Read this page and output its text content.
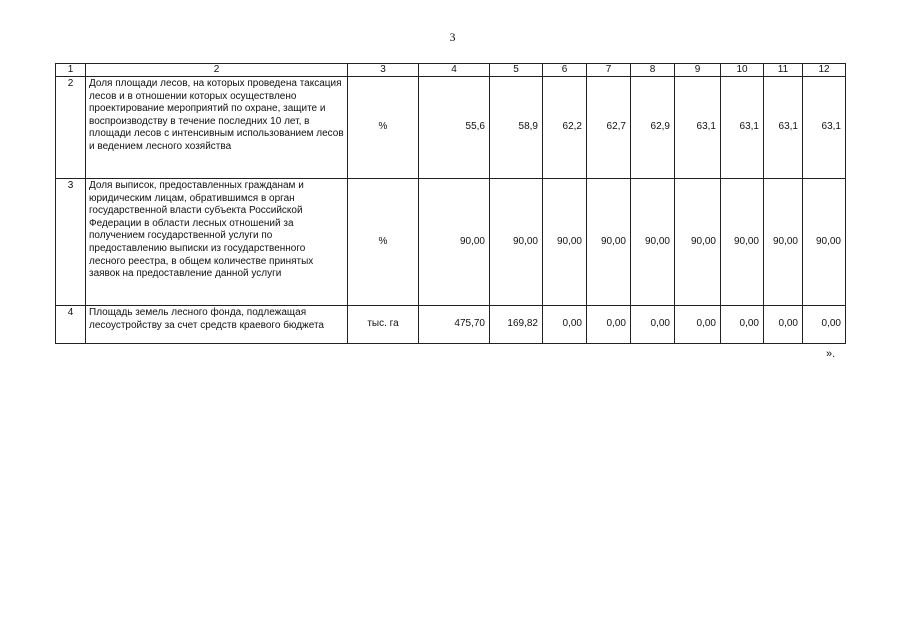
3
1	2	3	4	5	6	7	8	9	10	11	12
2	Доля площади лесов, на которых проведена таксация лесов и в отношении которых осуществлено проектирование мероприятий по охране, защите и воспроизводству в течение последних 10 лет, в площади лесов с интенсивным использованием лесов и ведением лесного хозяйства	%	55,6	58,9	62,2	62,7	62,9	63,1	63,1	63,1	63,1
3	Доля выписок, предоставленных гражданам и юридическим лицам, обратившимся в орган государственной власти субъекта Российской Федерации в области лесных отношений за получением государственной услуги по предоставлению выписки из государственного лесного реестра, в общем количестве принятых заявок на предоставление данной услуги	%	90,00	90,00	90,00	90,00	90,00	90,00	90,00	90,00	90,00
4	Площадь земель лесного фонда, подлежащая лесоустройству за счет средств краевого бюджета	тыс. га	475,70	169,82	0,00	0,00	0,00	0,00	0,00	0,00	0,00
».
